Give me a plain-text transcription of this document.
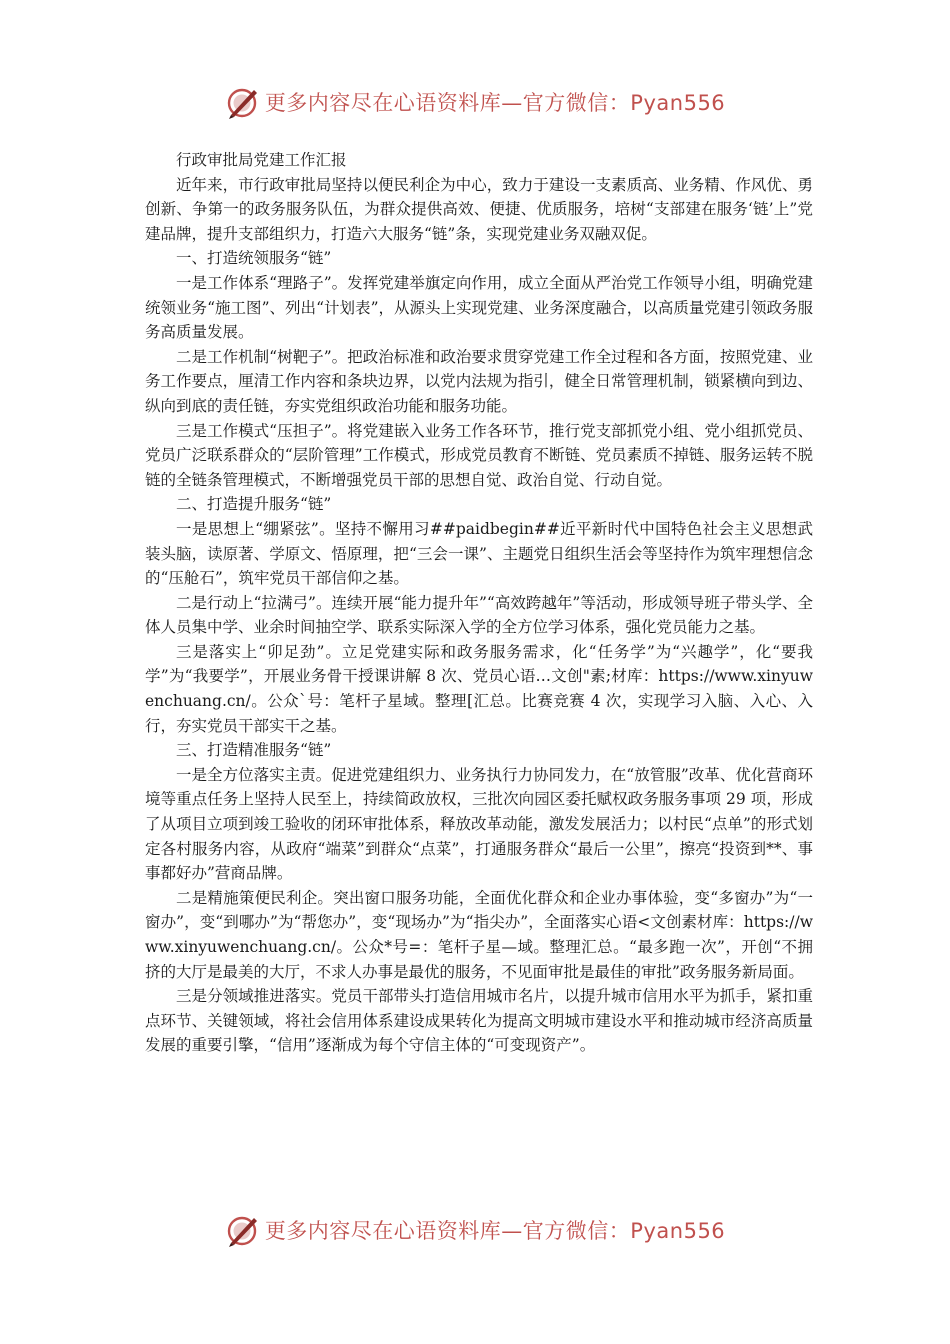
更多内容尽在心语资料库—官方微信：Pyan556

行政审批局党建工作汇报

近年来，市行政审批局坚持以便民利企为中心，致力于建设一支素质高、业务精、作风优、勇创新、争第一的政务服务队伍，为群众提供高效、便捷、优质服务，培树“支部建在服务‘链’上”党建品牌，提升支部组织力，打造六大服务“链”条，实现党建业务双融双促。

一、打造统领服务“链”

一是工作体系“理路子”。发挥党建举旗定向作用，成立全面从严治党工作领导小组，明确党建统领业务“施工图”、列出“计划表”，从源头上实现党建、业务深度融合，以高质量党建引领政务服务高质量发展。

二是工作机制“树靶子”。把政治标准和政治要求贯穿党建工作全过程和各方面，按照党建、业务工作要点，厘清工作内容和条块边界，以党内法规为指引，健全日常管理机制，锁紧横向到边、纵向到底的责任链，夯实党组织政治功能和服务功能。

三是工作模式“压担子”。将党建嵌入业务工作各环节，推行党支部抓党小组、党小组抓党员、党员广泛联系群众的“层阶管理”工作模式，形成党员教育不断链、党员素质不掉链、服务运转不脱链的全链条管理模式，不断增强党员干部的思想自觉、政治自觉、行动自觉。

二、打造提升服务“链”

一是思想上“绷紧弦”。坚持不懈用习##paidbegin##近平新时代中国特色社会主义思想武装头脑，读原著、学原文、悟原理，把“三会一课”、主题党日组织生活会等坚持作为筑牢理想信念的“压舱石”，筑牢党员干部信仰之基。

二是行动上“拉满弓”。连续开展“能力提升年”“高效跨越年”等活动，形成领导班子带头学、全体人员集中学、业余时间抽空学、联系实际深入学的全方位学习体系，强化党员能力之基。

三是落实上“卯足劲”。立足党建实际和政务服务需求，化“任务学”为“兴趣学”，化“要我学”为“我要学”，开展业务骨干授课讲解 8 次、党员心语…文创"素;材库：https://www.xinyuwenchuang.cn/。公众`号：笔杆子星域。整理[汇总。比赛竞赛 4 次，实现学习入脑、入心、入行，夯实党员干部实干之基。

三、打造精准服务“链”

一是全方位落实主责。促进党建组织力、业务执行力协同发力，在“放管服”改革、优化营商环境等重点任务上坚持人民至上，持续简政放权，三批次向园区委托赋权政务服务事项 29 项，形成了从项目立项到竣工验收的闭环审批体系，释放改革动能，激发发展活力；以村民“点单”的形式划定各村服务内容，从政府“端菜”到群众“点菜”，打通服务群众“最后一公里”，擦亮“投资到**、事事都好办”营商品牌。

二是精施策便民利企。突出窗口服务功能，全面优化群众和企业办事体验，变“多窗办”为“一窗办”，变“到哪办”为“帮您办”，变“现场办”为“指尖办”，全面落实心语<文创素材库：https://www.xinyuwenchuang.cn/。公众*号=：笔杆子星—域。整理汇总。“最多跑一次”，开创“不拥挤的大厅是最美的大厅，不求人办事是最优的服务，不见面审批是最佳的审批”政务服务新局面。

三是分领域推进落实。党员干部带头打造信用城市名片，以提升城市信用水平为抓手，紧扣重点环节、关键领域，将社会信用体系建设成果转化为提高文明城市建设水平和推动城市经济高质量发展的重要引擎，“信用”逐渐成为每个守信主体的“可变现资产”。

更多内容尽在心语资料库—官方微信：Pyan556
